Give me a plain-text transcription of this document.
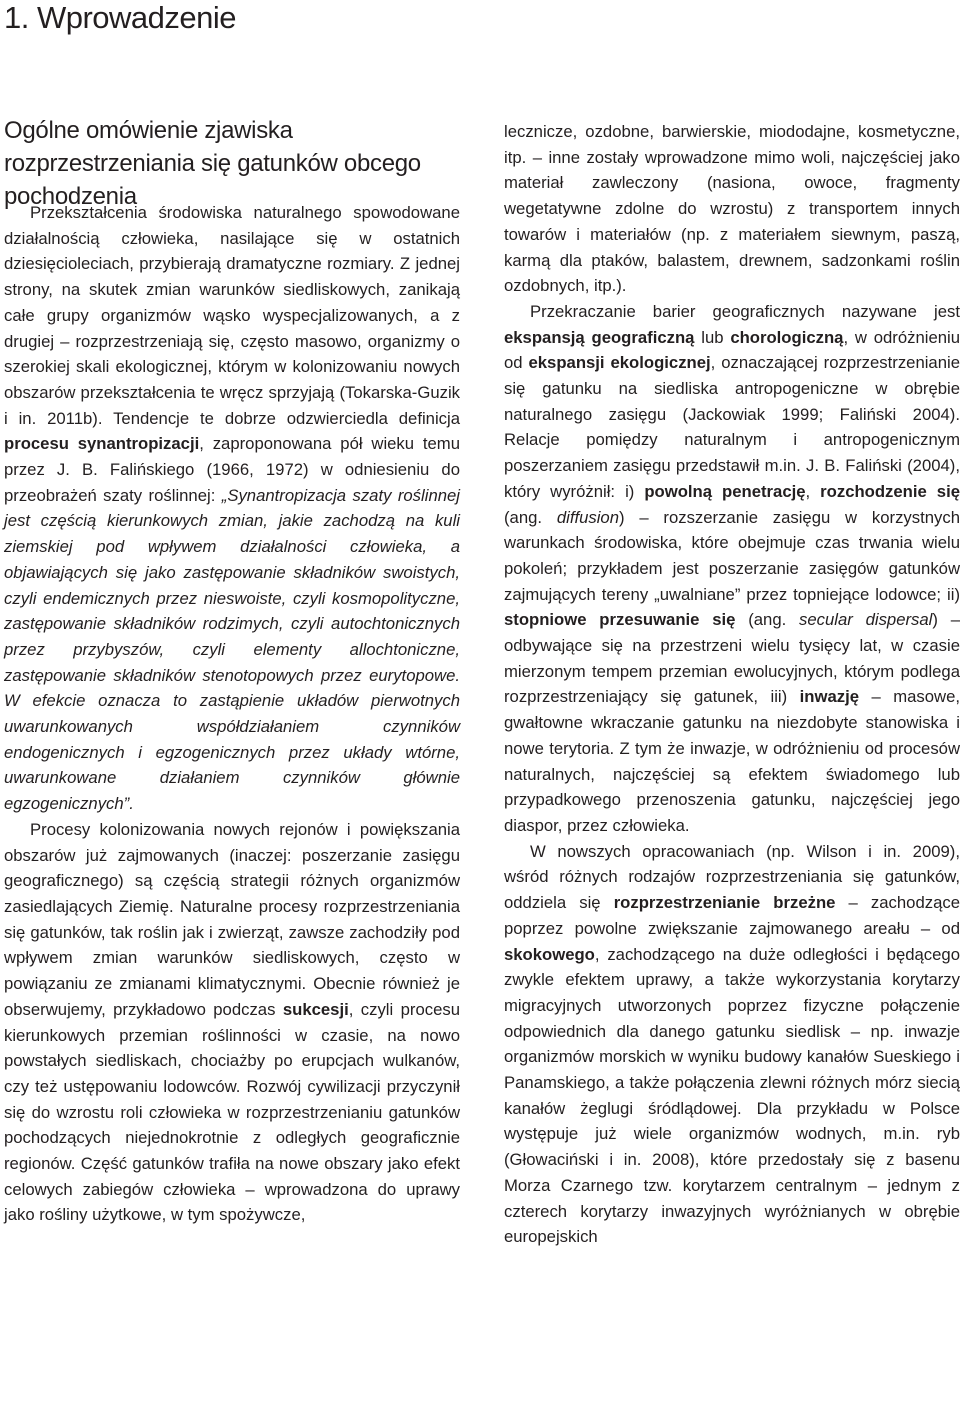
1. Wprowadzenie
Ogólne omówienie zjawiska rozprzestrzeniania się gatunków obcego pochodzenia

Przekształcenia środowiska naturalnego spowodowane działalnością człowieka, nasilające się w ostatnich dziesięcioleciach, przybierają dramatyczne rozmiary. Z jednej strony, na skutek zmian warunków siedliskowych, zanikają całe grupy organizmów wąsko wyspecjalizowanych, a z drugiej – rozprzestrzeniają się, często masowo, organizmy o szerokiej skali ekologicznej, którym w kolonizowaniu nowych obszarów przekształcenia te wręcz sprzyjają (Tokarska-Guzik i in. 2011b). Tendencje te dobrze odzwierciedla definicja procesu synantropizacji, zaproponowana pół wieku temu przez J. B. Falińskiego (1966, 1972) w odniesieniu do przeobrażeń szaty roślinnej: „Synantropizacja szaty roślinnej jest częścią kierunkowych zmian, jakie zachodzą na kuli ziemskiej pod wpływem działalności człowieka, a objawiających się jako zastępowanie składników swoistych, czyli endemicznych przez nieswoiste, czyli kosmopolityczne, zastępowanie składników rodzimych, czyli autochtonicznych przez przybyszów, czyli elementy allochtoniczne, zastępowanie składników stenotopowych przez eurytopowe. W efekcie oznacza to zastąpienie układów pierwotnych uwarunkowanych współdziałaniem czynników endogenicznych i egzogenicznych przez układy wtórne, uwarunkowane działaniem czynników głównie egzogenicznych”.

Procesy kolonizowania nowych rejonów i powiększania obszarów już zajmowanych (inaczej: poszerzanie zasięgu geograficznego) są częścią strategii różnych organizmów zasiedlających Ziemię. Naturalne procesy rozprzestrzeniania się gatunków, tak roślin jak i zwierząt, zawsze zachodziły pod wpływem zmian warunków siedliskowych, często w powiązaniu ze zmianami klimatycznymi. Obecnie również je obserwujemy, przykładowo podczas sukcesji, czyli procesu kierunkowych przemian roślinności w czasie, na nowo powstałych siedliskach, chociażby po erupcjach wulkanów, czy też ustępowaniu lodowców. Rozwój cywilizacji przyczynił się do wzrostu roli człowieka w rozprzestrzenianiu gatunków pochodzących niejednokrotnie z odległych geograficznie regionów. Część gatunków trafiła na nowe obszary jako efekt celowych zabiegów człowieka – wprowadzona do uprawy jako rośliny użytkowe, w tym spożywcze,

lecznicze, ozdobne, barwierskie, miododajne, kosmetyczne, itp. – inne zostały wprowadzone mimo woli, najczęściej jako materiał zawleczony (nasiona, owoce, fragmenty wegetatywne zdolne do wzrostu) z transportem innych towarów i materiałów (np. z materiałem siewnym, paszą, karmą dla ptaków, balastem, drewnem, sadzonkami roślin ozdobnych, itp.).

Przekraczanie barier geograficznych nazywane jest ekspansją geograficzną lub chorologiczną, w odróżnieniu od ekspansji ekologicznej, oznaczającej rozprzestrzenianie się gatunku na siedliska antropogeniczne w obrębie naturalnego zasięgu (Jackowiak 1999; Faliński 2004). Relacje pomiędzy naturalnym i antropogenicznym poszerzaniem zasięgu przedstawił m.in. J. B. Faliński (2004), który wyróżnił: i) powolną penetrację, rozchodzenie się (ang. diffusion) – rozszerzanie zasięgu w korzystnych warunkach środowiska, które obejmuje czas trwania wielu pokoleń; przykładem jest poszerzanie zasięgów gatunków zajmujących tereny „uwalniane” przez topniejące lodowce; ii) stopniowe przesuwanie się (ang. secular dispersal) – odbywające się na przestrzeni wielu tysięcy lat, w czasie mierzonym tempem przemian ewolucyjnych, którym podlega rozprzestrzeniający się gatunek, iii) inwazję – masowe, gwałtowne wkraczanie gatunku na niezdobyte stanowiska i nowe terytoria. Z tym że inwazje, w odróżnieniu od procesów naturalnych, najczęściej są efektem świadomego lub przypadkowego przenoszenia gatunku, najczęściej jego diaspor, przez człowieka.

W nowszych opracowaniach (np. Wilson i in. 2009), wśród różnych rodzajów rozprzestrzeniania się gatunków, oddziela się rozprzestrzenianie brzeżne – zachodzące poprzez powolne zwiększanie zajmowanego areału – od skokowego, zachodzącego na duże odległości i będącego zwykle efektem uprawy, a także wykorzystania korytarzy migracyjnych utworzonych poprzez fizyczne połączenie odpowiednich dla danego gatunku siedlisk – np. inwazje organizmów morskich w wyniku budowy kanałów Sueskiego i Panamskiego, a także połączenia zlewni różnych mórz siecią kanałów żeglugi śródlądowej. Dla przykładu w Polsce występuje już wiele organizmów wodnych, m.in. ryb (Głowaciński i in. 2008), które przedostały się z basenu Morza Czarnego tzw. korytarzem centralnym – jednym z czterech korytarzy inwazyjnych wyróżnianych w obrębie europejskich
